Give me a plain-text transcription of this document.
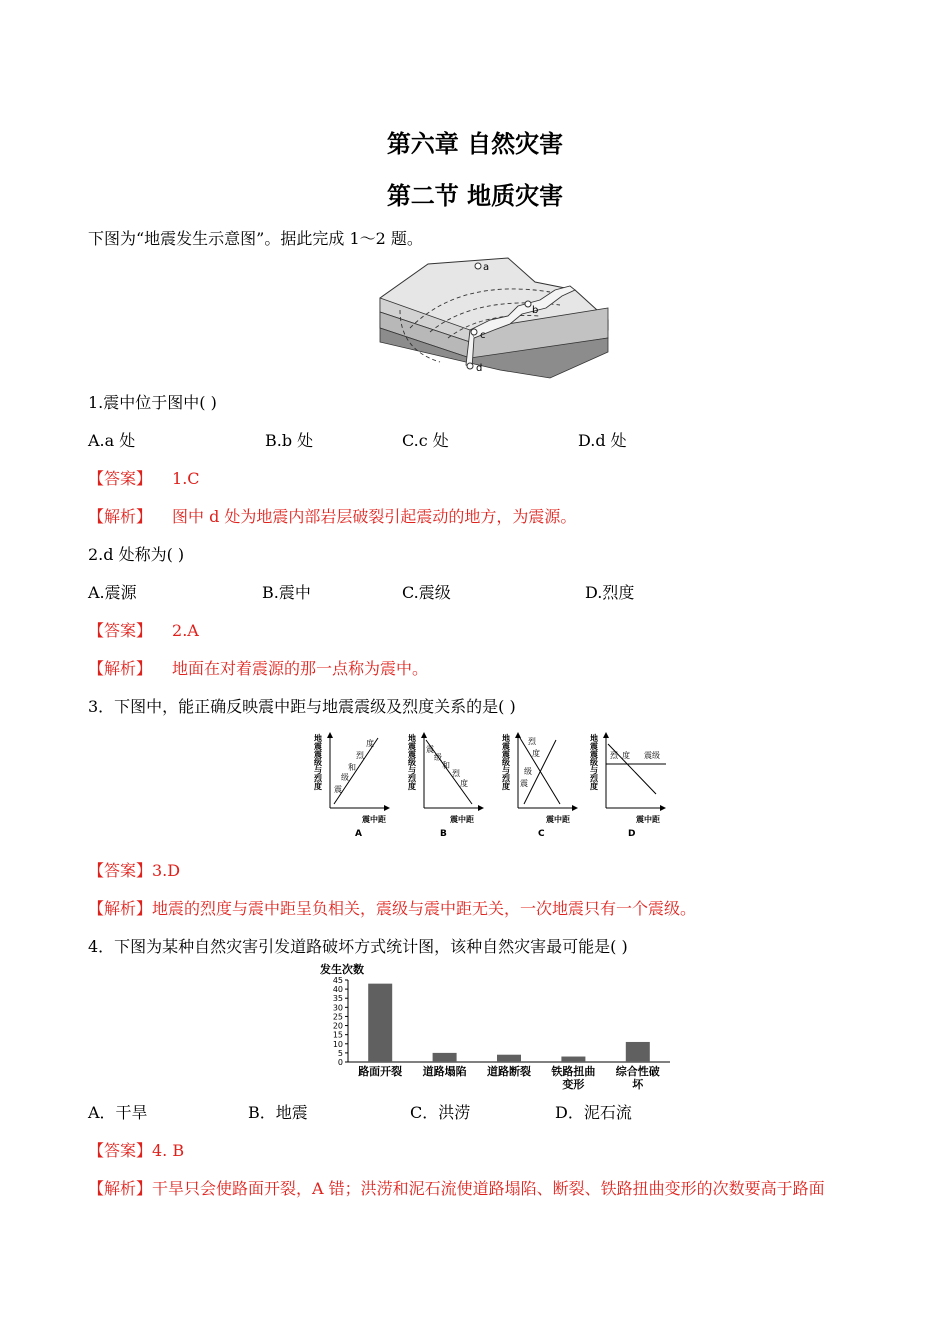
第六章 自然灾害
第二节 地质灾害
下图为“地震发生示意图”。据此完成 1～2 题。
a
b
c
d
1.震中位于图中( )
A.a 处	B.b 处	C.c 处	D.d 处
【答案】 1.C
【解析】 图中 d 处为地震内部岩层破裂引起震动的地方，为震源。
2.d 处称为( )
A.震源	B.震中	C.震级	D.烈度
【答案】 2.A
【解析】 地面在对着震源的那一点称为震中。
3．下图中，能正确反映震中距与地震震级及烈度关系的是( )
地震震级与烈度	度
烈
和
级
震
震中距
A
地震震级与烈度 震
级
和
烈
度
震中距
B
地震震级与烈度 烈
度
级
震
震中距
C
地震震级与烈度 烈 度 震级
震中距
D
【答案】3.D
【解析】地震的烈度与震中距呈负相关，震级与震中距无关，一次地震只有一个震级。
4．下图为某种自然灾害引发道路破坏方式统计图，该种自然灾害最可能是( )
发生次数
0
5
10
15
20
25
30
35
40
45
路面开裂 道路塌陷 道路断裂 铁路扭曲
变形
综合性破
坏
A．干旱	B．地震	C．洪涝	D．泥石流
【答案】4. B
【解析】干旱只会使路面开裂，A 错；洪涝和泥石流使道路塌陷、断裂、铁路扭曲变形的次数要高于路面
